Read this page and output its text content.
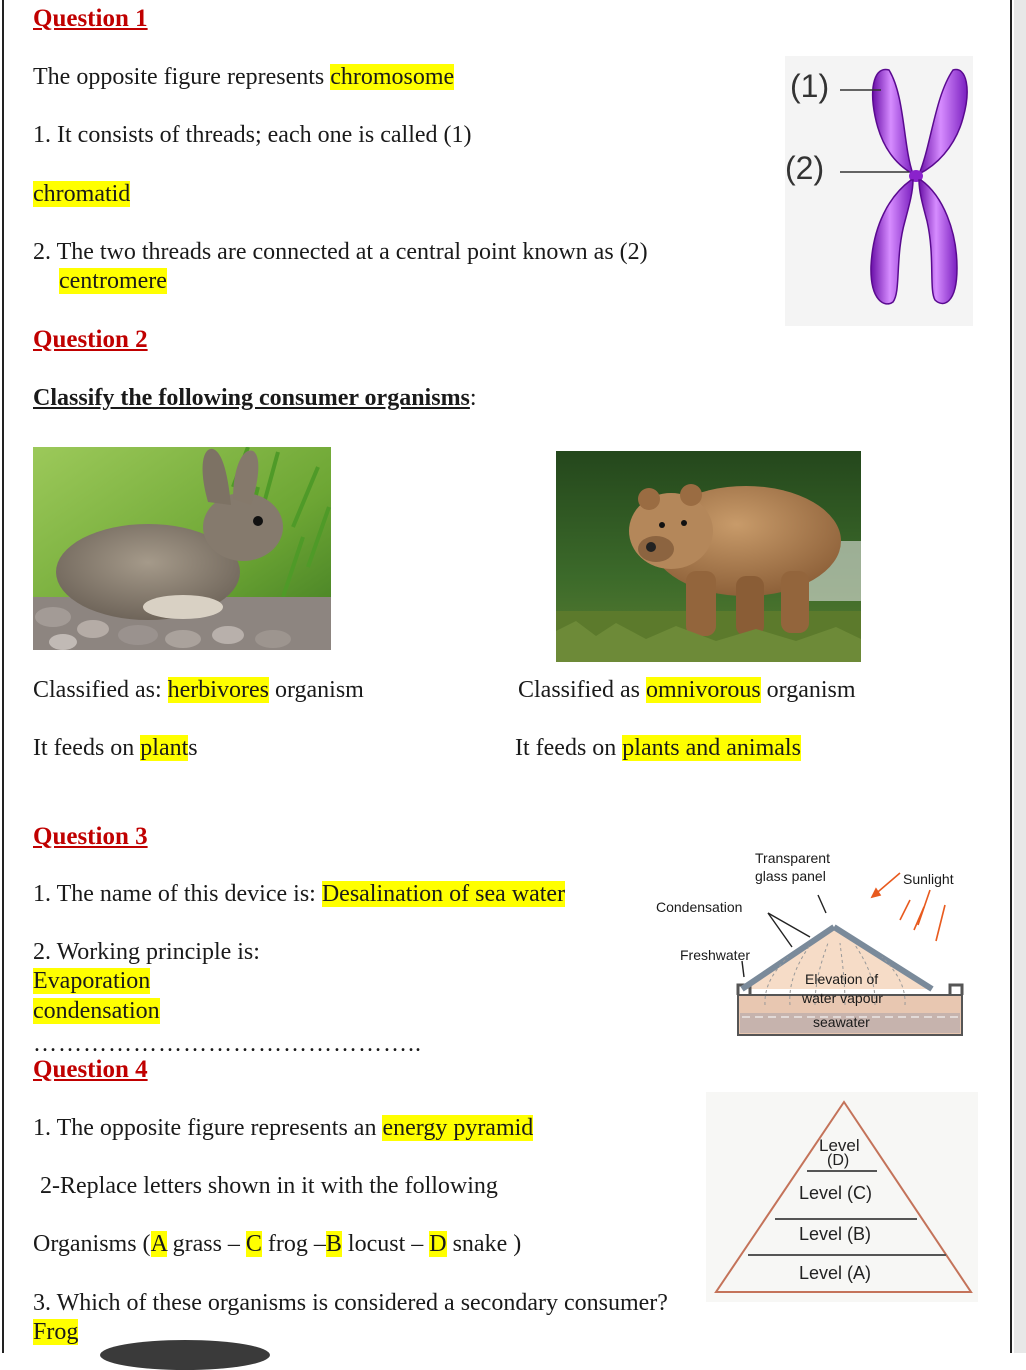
Question 1
The opposite figure represents chromosome
1. It consists of threads; each one is called (1)
chromatid
2. The two threads are connected at a central point known as (2)
centromere
(1)
(2)
Question 2
Classify the following consumer organisms:
Classified as: herbivores organism	Classified as omnivorous organism
It feeds on plants	It feeds on plants and animals
Question 3
1. The name of this device is: Desalination of sea water
2. Working principle is:
Evaporation
condensation
………………………………………..
Transparent
glass panel	Sunlight
Condensation
Freshwater
Elevation of
water vapour
seawater
Question 4
1. The opposite figure represents an energy pyramid
2-Replace letters shown in it with the following
Organisms (A grass – C frog –B locust – D snake )
3. Which of these organisms is considered a secondary consumer?
Frog
Level
(D)
Level (C)
Level (B)
Level (A)
